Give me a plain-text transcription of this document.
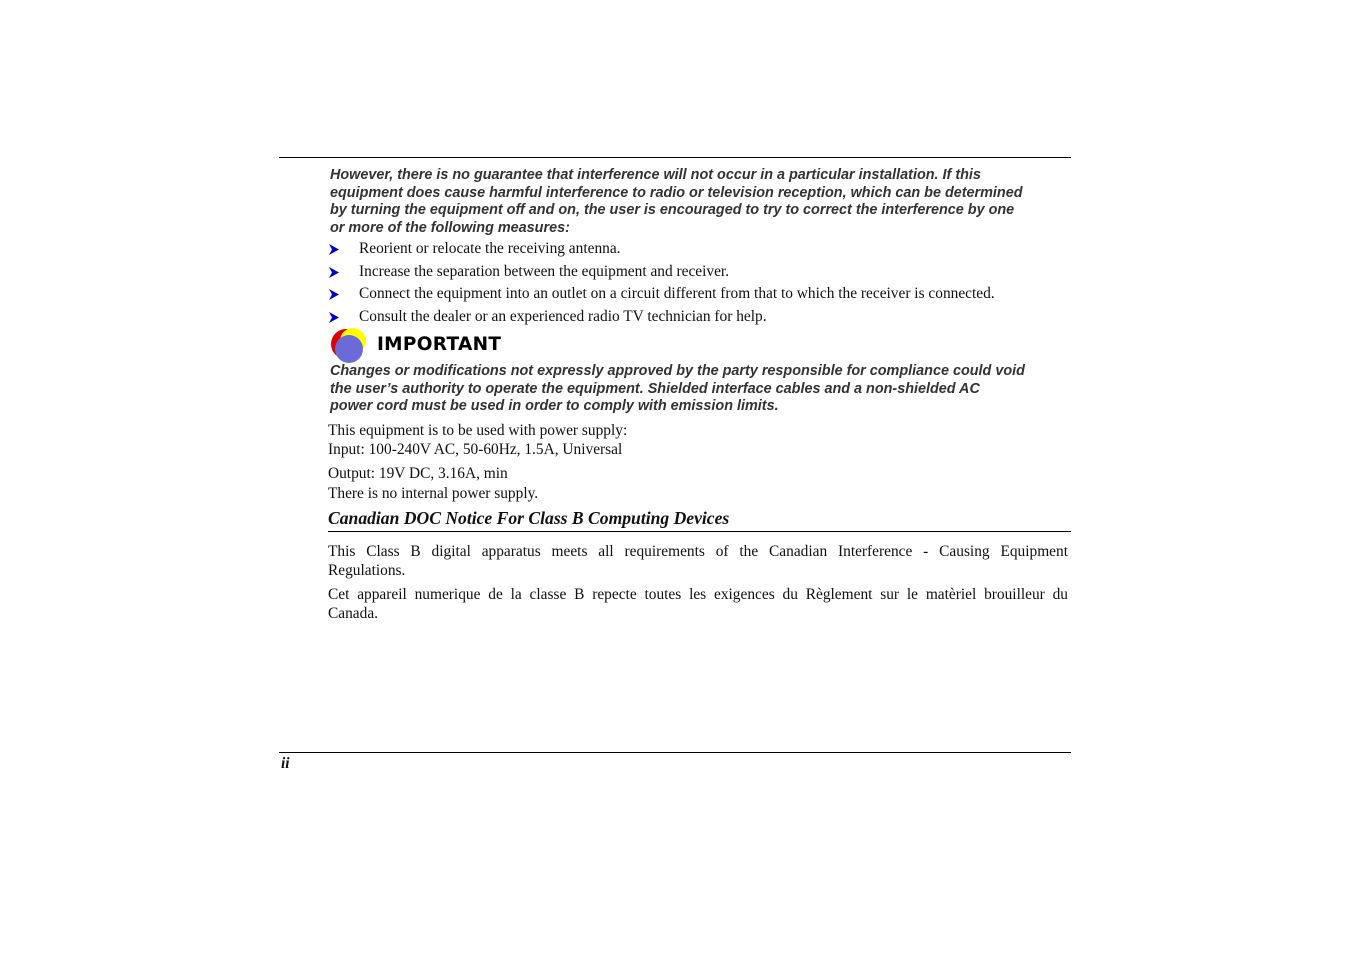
However, there is no guarantee that interference will not occur in a particular installation. If this
equipment does cause harmful interference to radio or television reception, which can be determined
by turning the equipment off and on, the user is encouraged to try to correct the interference by one
or more of the following measures:
Reorient or relocate the receiving antenna.
Increase the separation between the equipment and receiver.
Connect the equipment into an outlet on a circuit different from that to which the receiver is connected.
Consult the dealer or an experienced radio TV technician for help.
IMPORTANT
Changes or modifications not expressly approved by the party responsible for compliance could void
the user’s authority to operate the equipment. Shielded interface cables and a non-shielded AC
power cord must be used in order to comply with emission limits.
This equipment is to be used with power supply:
Input: 100-240V AC, 50-60Hz, 1.5A, Universal
Output: 19V DC, 3.16A, min
There is no internal power supply.
Canadian DOC Notice For Class B Computing Devices
This Class B digital apparatus meets all requirements of the Canadian Interference - Causing Equipment
Regulations.
Cet appareil numerique de la classe B repecte toutes les exigences du Règlement sur le matèriel brouilleur du
Canada.
ii
